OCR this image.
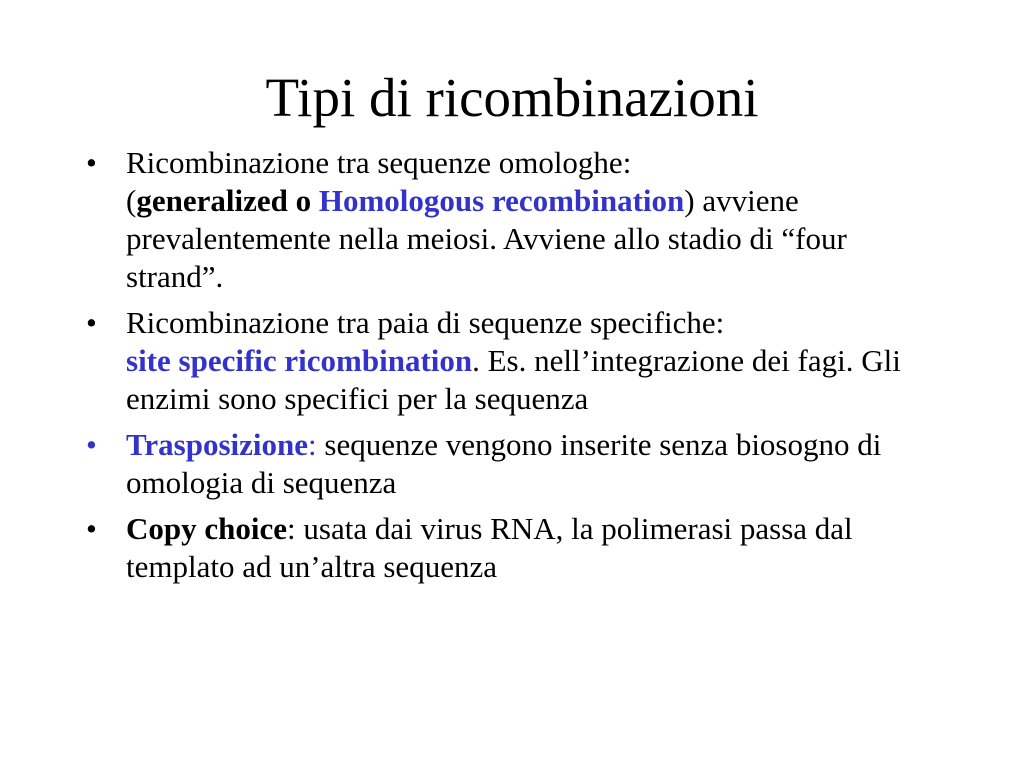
Tipi di ricombinazioni
• Ricombinazione tra sequenze omologhe:
(generalized o Homologous recombination) avviene prevalentemente nella meiosi. Avviene allo stadio di “four strand”.
• Ricombinazione tra paia di sequenze specifiche:
site specific ricombination. Es. nell’integrazione dei fagi. Gli enzimi sono specifici per la sequenza
• Trasposizione: sequenze vengono inserite senza biosogno di omologia di sequenza
• Copy choice: usata dai virus RNA, la polimerasi passa dal templato ad un’altra sequenza
